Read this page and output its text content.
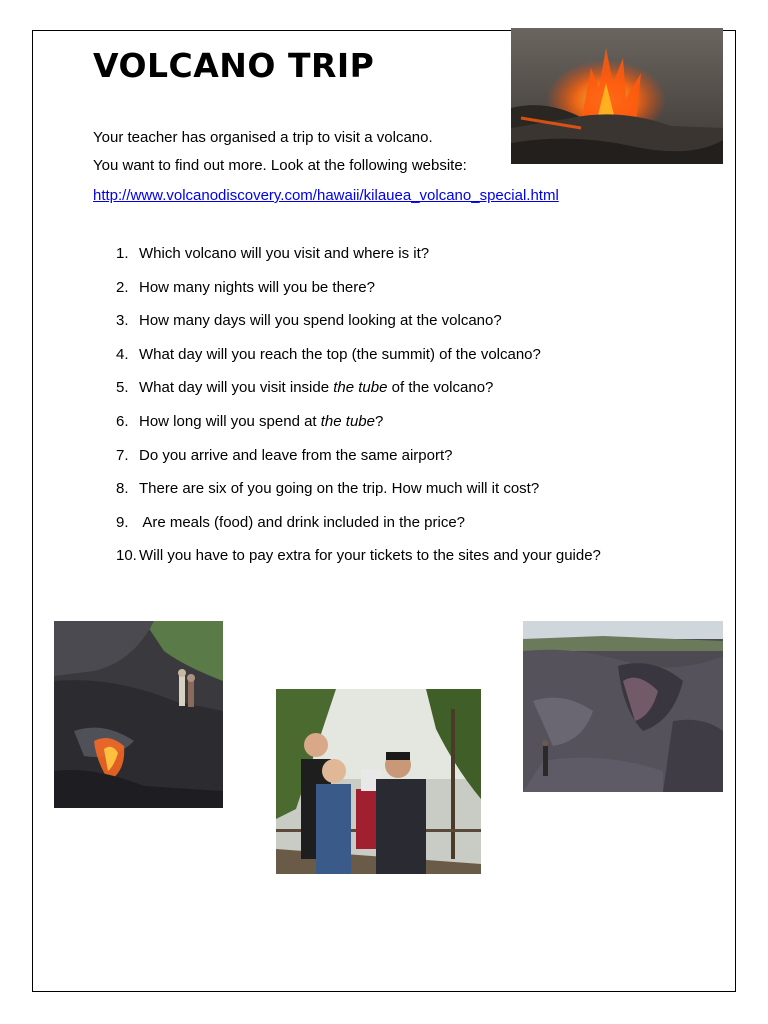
VOLCANO TRIP

Your teacher has organised a trip to visit a volcano.

You want to find out more. Look at the following website:

http://www.volcanodiscovery.com/hawaii/kilauea_volcano_special.html
1. Which volcano will you visit and where is it?
2. How many nights will you be there?
3. How many days will you spend looking at the volcano?
4. What day will you reach the top (the summit) of the volcano?
5. What day will you visit inside the tube of the volcano?
6. How long will you spend at the tube?
7. Do you arrive and leave from the same airport?
8. There are six of you going on the trip. How much will it cost?
9. Are meals (food) and drink included in the price?
10. Will you have to pay extra for your tickets to the sites and your guide?
